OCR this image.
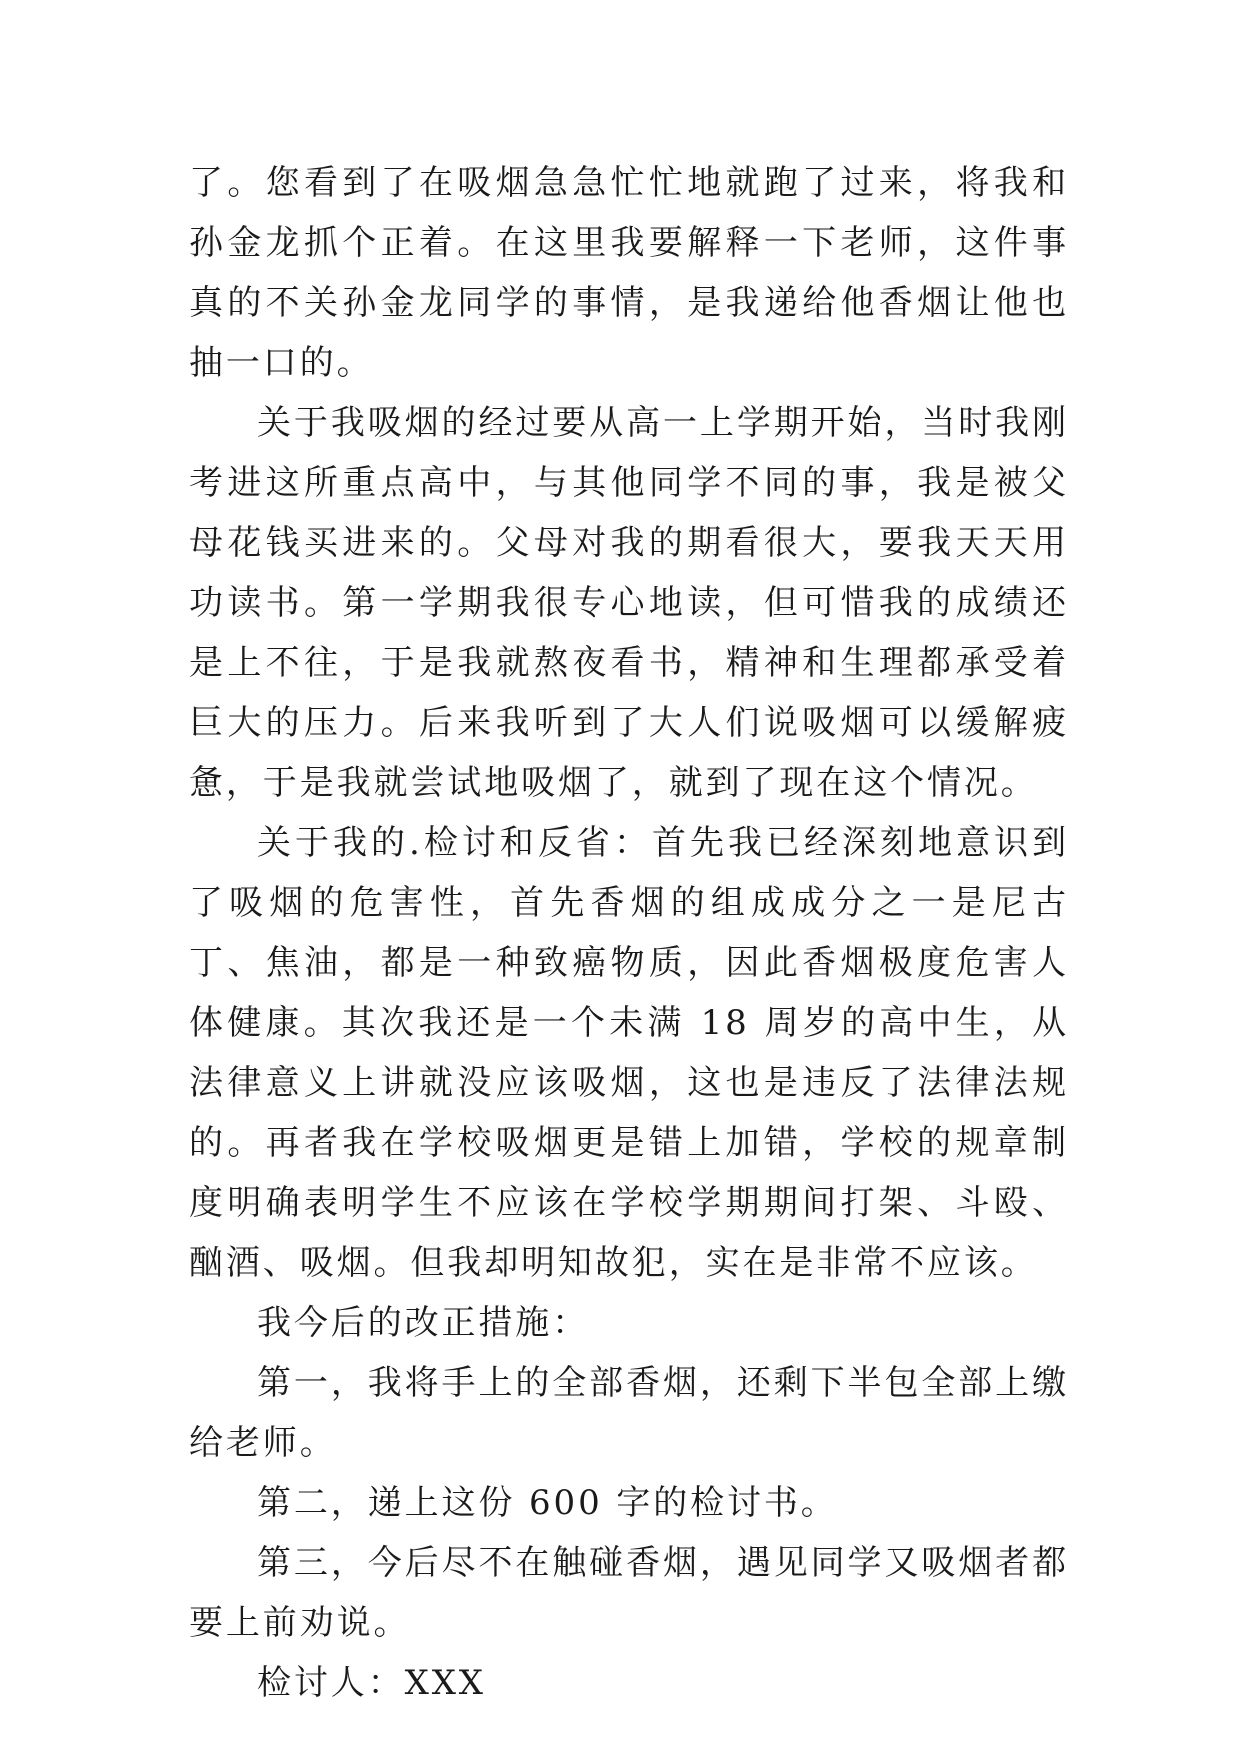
了。您看到了在吸烟急急忙忙地就跑了过来，将我和孙金龙抓个正着。在这里我要解释一下老师，这件事真的不关孙金龙同学的事情，是我递给他香烟让他也抽一口的。

关于我吸烟的经过要从高一上学期开始，当时我刚考进这所重点高中，与其他同学不同的事，我是被父母花钱买进来的。父母对我的期看很大，要我天天用功读书。第一学期我很专心地读，但可惜我的成绩还是上不往，于是我就熬夜看书，精神和生理都承受着巨大的压力。后来我听到了大人们说吸烟可以缓解疲惫，于是我就尝试地吸烟了，就到了现在这个情况。

关于我的.检讨和反省：首先我已经深刻地意识到了吸烟的危害性，首先香烟的组成成分之一是尼古丁、焦油，都是一种致癌物质，因此香烟极度危害人体健康。其次我还是一个未满 18 周岁的高中生，从法律意义上讲就没应该吸烟，这也是违反了法律法规的。再者我在学校吸烟更是错上加错，学校的规章制度明确表明学生不应该在学校学期期间打架、斗殴、酗酒、吸烟。但我却明知故犯，实在是非常不应该。

我今后的改正措施：

第一，我将手上的全部香烟，还剩下半包全部上缴给老师。

第二，递上这份 600 字的检讨书。

第三，今后尽不在触碰香烟，遇见同学又吸烟者都要上前劝说。

检讨人：XXX
